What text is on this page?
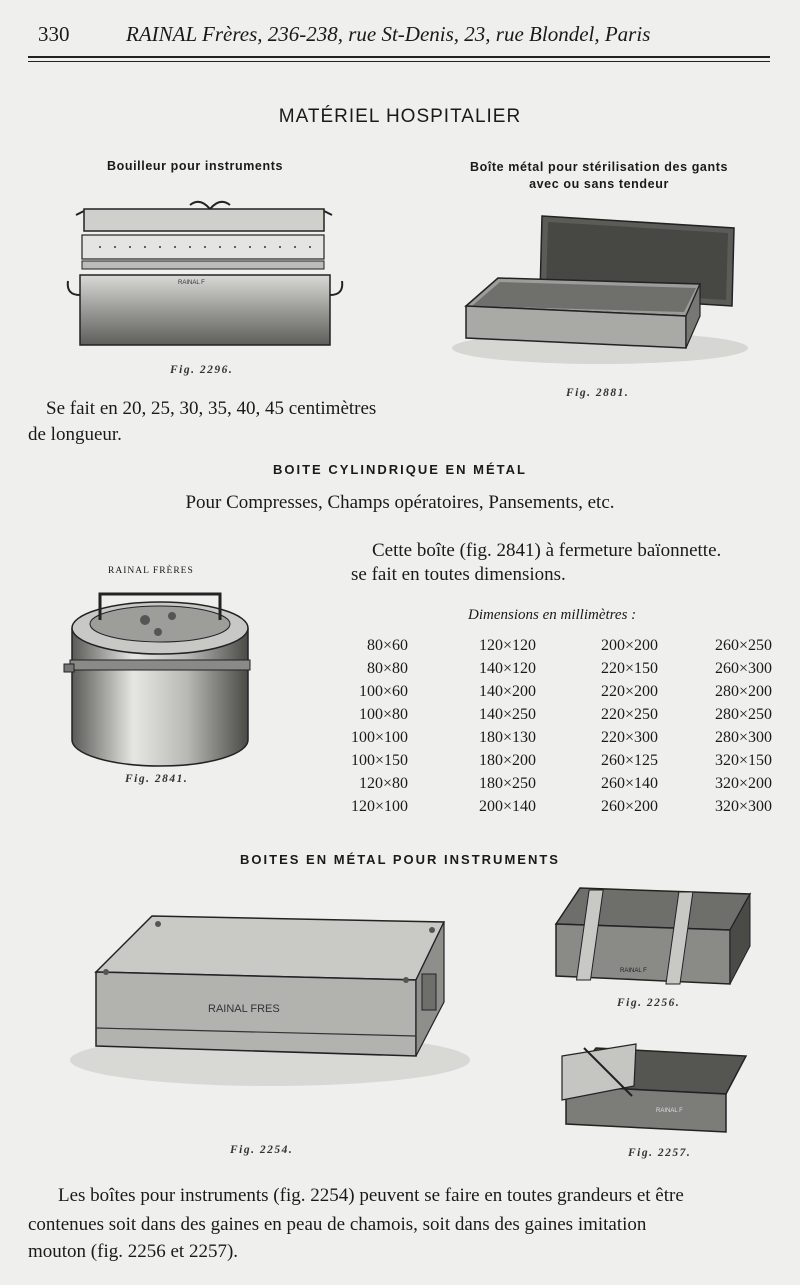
330	RAINAL Frères, 236-238, rue St-Denis, 23, rue Blondel, Paris
MATÉRIEL HOSPITALIER
Bouilleur pour instruments	Boîte métal pour stérilisation des gants
avec ou sans tendeur
RAINAL F
Fig. 2296.
Fig. 2881.
Se fait en 20, 25, 30, 35, 40, 45 centimètres
de longueur.
BOITE CYLINDRIQUE EN MÉTAL
Pour Compresses, Champs opératoires, Pansements, etc.
RAINAL FRÈRES
Fig. 2841.
Cette boîte (fig. 2841) à fermeture baïonnette.
se fait en toutes dimensions.
Dimensions en millimètres :
80×60	120×120	200×200	260×250
80×80	140×120	220×150	260×300
100×60	140×200	220×200	280×200
100×80	140×250	220×250	280×250
100×100	180×130	220×300	280×300
100×150	180×200	260×125	320×150
120×80	180×250	260×140	320×200
120×100	200×140	260×200	320×300
BOITES EN MÉTAL POUR INSTRUMENTS
RAINAL FRES
Fig. 2254.
RAINAL F
Fig. 2256.
RAINAL F
Fig. 2257.
Les boîtes pour instruments (fig. 2254) peuvent se faire en toutes grandeurs et être
contenues soit dans des gaines en peau de chamois, soit dans des gaines imitation
mouton (fig. 2256 et 2257).
